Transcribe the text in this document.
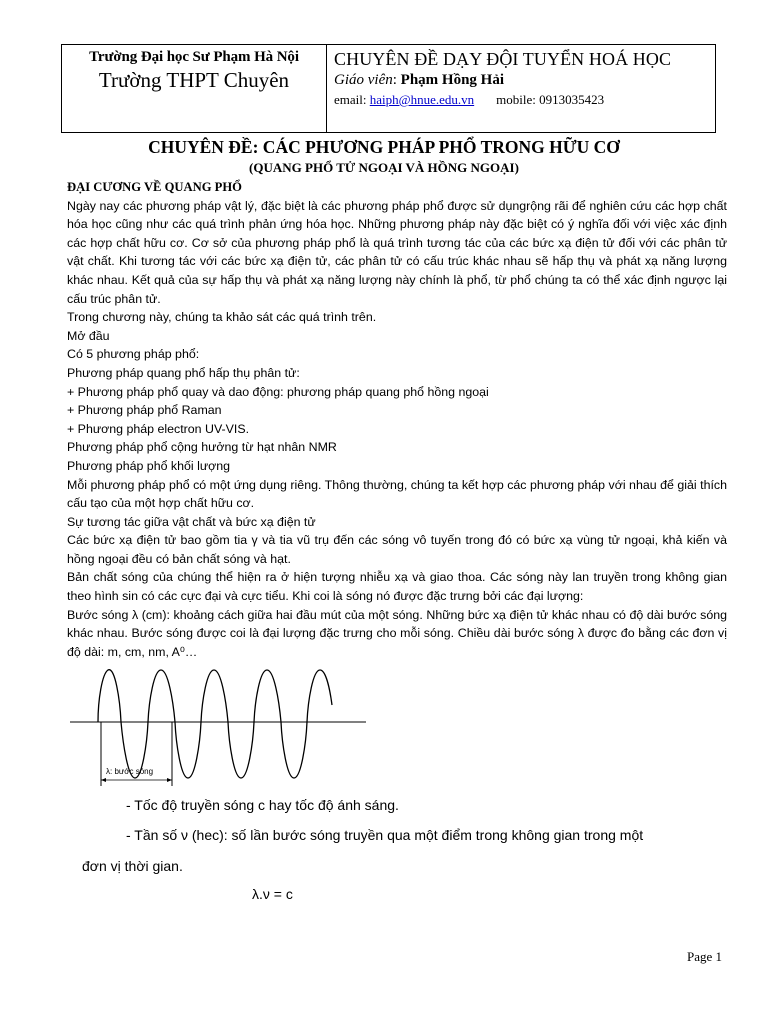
Trường Đại học Sư Phạm Hà Nội
Trường THPT Chuyên
CHUYÊN ĐỀ DẠY ĐỘI TUYỂN HOÁ HỌC
Giáo viên: Phạm Hồng Hải
email: haiph@hnue.edu.vn mobile: 0913035423
CHUYÊN ĐỀ: CÁC PHƯƠNG PHÁP PHỔ TRONG HỮU CƠ
(QUANG PHỔ TỬ NGOẠI VÀ HỒNG NGOẠI)

ĐẠI CƯƠNG VỀ QUANG PHỔ

Ngày nay các phương pháp vật lý, đặc biệt là các phương pháp phổ được sử dụngrộng rãi để nghiên cứu các hợp chất hóa học cũng như các quá trình phản ứng hóa học. Những phương pháp này đặc biệt có ý nghĩa đối với việc xác định các hợp chất hữu cơ. Cơ sở của phương pháp phổ là quá trình tương tác của các bức xạ điện tử đối với các phân tử vật chất. Khi tương tác với các bức xạ điện tử, các phân tử có cấu trúc khác nhau sẽ hấp thụ và phát xạ năng lượng khác nhau. Kết quả của sự hấp thụ và phát xạ năng lượng này chính là phổ, từ phổ chúng ta có thể xác định ngược lại cấu trúc phân tử.

Trong chương này, chúng ta khảo sát các quá trình trên.

Mở đầu

Có 5 phương pháp phổ:

Phương pháp quang phổ hấp thụ phân tử:

+ Phương pháp phổ quay và dao động: phương pháp quang phổ hồng ngoại

+ Phương pháp phổ Raman

+ Phương pháp electron UV-VIS.

Phương pháp phổ cộng hưởng từ hạt nhân NMR

Phương pháp phổ khối lượng

Mỗi phương pháp phổ có một ứng dụng riêng. Thông thường, chúng ta kết hợp các phương pháp với nhau để giải thích cấu tạo của một hợp chất hữu cơ.

Sự tương tác giữa vật chất và bức xạ điện tử

Các bức xạ điện tử bao gồm tia γ và tia vũ trụ đến các sóng vô tuyến trong đó có bức xạ vùng tử ngoại, khả kiến và hồng ngoại đều có bản chất sóng và hạt.

Bản chất sóng của chúng thể hiện ra ở hiện tượng nhiễu xạ và giao thoa. Các sóng này lan truyền trong không gian theo hình sin có các cực đại và cực tiểu. Khi coi là sóng nó được đặc trưng bởi các đại lượng:

Bước sóng λ (cm): khoảng cách giữa hai đầu mút của một sóng. Những bức xạ điện tử khác nhau có độ dài bước sóng khác nhau. Bước sóng được coi là đại lượng đặc trưng cho mỗi sóng. Chiều dài bước sóng λ được đo bằng các đơn vị độ dài: m, cm, nm, A⁰…

λ: bước sóng
- Tốc độ truyền sóng c hay tốc độ ánh sáng.
- Tần số ν (hec): số lần bước sóng truyền qua một điểm trong không gian trong một
đơn vị thời gian.
λ.ν = c
Page 1
